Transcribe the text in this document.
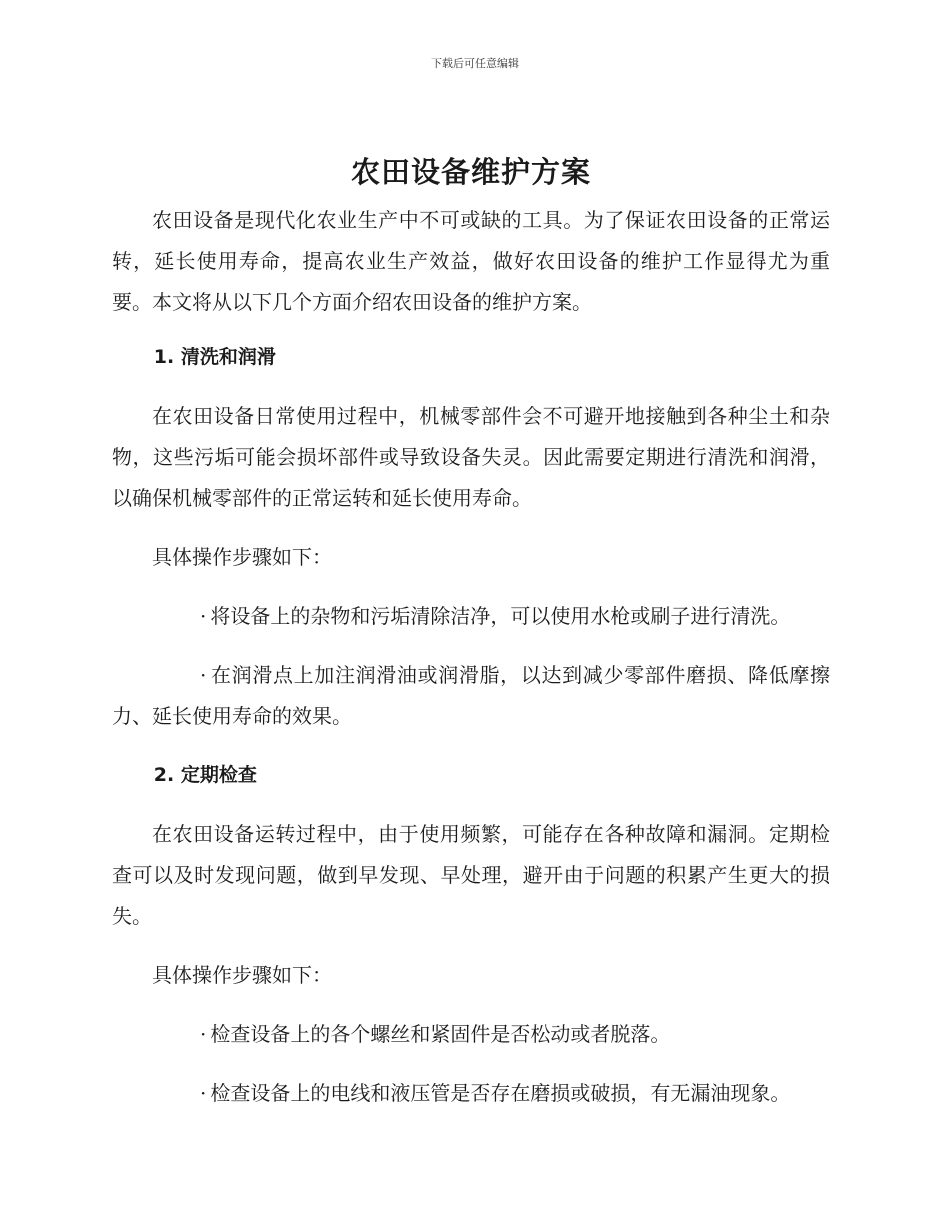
下载后可任意编辑
农田设备维护方案

农田设备是现代化农业生产中不可或缺的工具。为了保证农田设备的正常运转，延长使用寿命，提高农业生产效益，做好农田设备的维护工作显得尤为重要。本文将从以下几个方面介绍农田设备的维护方案。

1. 清洗和润滑

在农田设备日常使用过程中，机械零部件会不可避开地接触到各种尘土和杂物，这些污垢可能会损坏部件或导致设备失灵。因此需要定期进行清洗和润滑，以确保机械零部件的正常运转和延长使用寿命。

具体操作步骤如下：

· 将设备上的杂物和污垢清除洁净，可以使用水枪或刷子进行清洗。

· 在润滑点上加注润滑油或润滑脂，以达到减少零部件磨损、降低摩擦力、延长使用寿命的效果。

2. 定期检查

在农田设备运转过程中，由于使用频繁，可能存在各种故障和漏洞。定期检查可以及时发现问题，做到早发现、早处理，避开由于问题的积累产生更大的损失。

具体操作步骤如下：

· 检查设备上的各个螺丝和紧固件是否松动或者脱落。

· 检查设备上的电线和液压管是否存在磨损或破损，有无漏油现象。
